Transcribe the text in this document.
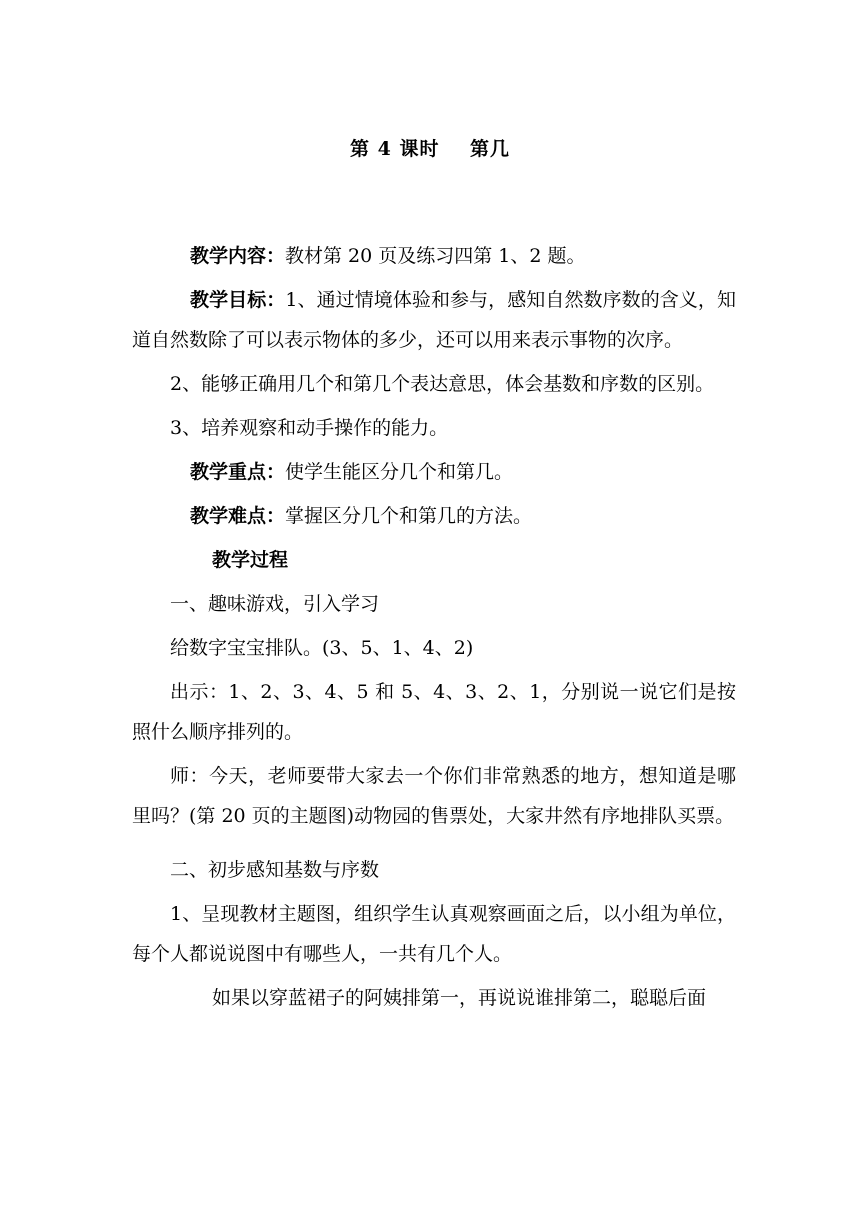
第 4 课时    第几

教学内容：教材第 20 页及练习四第 1、2 题。

教学目标：1、通过情境体验和参与，感知自然数序数的含义，知道自然数除了可以表示物体的多少，还可以用来表示事物的次序。

2、能够正确用几个和第几个表达意思，体会基数和序数的区别。

3、培养观察和动手操作的能力。

教学重点：使学生能区分几个和第几。

教学难点：掌握区分几个和第几的方法。

教学过程

一、趣味游戏，引入学习

给数字宝宝排队。(3、5、1、4、2)

出示：1、2、3、4、5 和 5、4、3、2、1，分别说一说它们是按照什么顺序排列的。

师：今天，老师要带大家去一个你们非常熟悉的地方，想知道是哪里吗？(第 20 页的主题图)动物园的售票处，大家井然有序地排队买票。

二、初步感知基数与序数

1、呈现教材主题图，组织学生认真观察画面之后，以小组为单位，每个人都说说图中有哪些人，一共有几个人。

如果以穿蓝裙子的阿姨排第一，再说说谁排第二，聪聪后面
